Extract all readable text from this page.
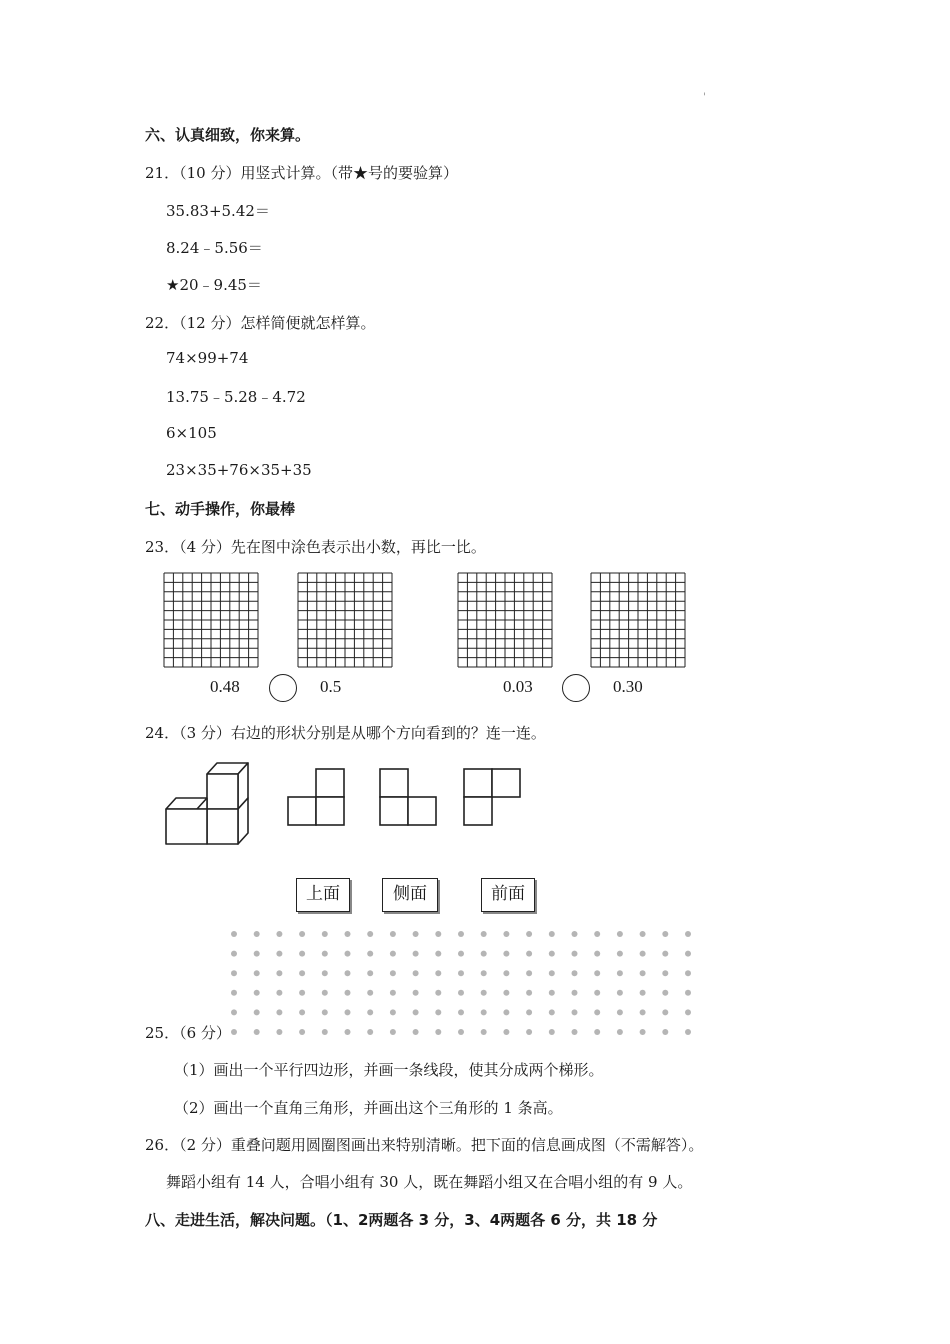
'
六、认真细致，你来算。
21．（10 分）用竖式计算。（带★号的要验算）
35.83+5.42＝
8.24﹣5.56＝
★20﹣9.45＝
22．（12 分）怎样简便就怎样算。
74×99+74
13.75﹣5.28﹣4.72
6×105
23×35+76×35+35
七、动手操作，你最棒
23．（4 分）先在图中涂色表示出小数，再比一比。
0.48	0.5	0.03	0.30
24．（3 分）右边的形状分别是从哪个方向看到的？连一连。
上面	侧面	前面
25．（6 分）
（1）画出一个平行四边形，并画一条线段，使其分成两个梯形。
（2）画出一个直角三角形，并画出这个三角形的 1 条高。
26．（2 分）重叠问题用圆圈图画出来特别清晰。把下面的信息画成图（不需解答）。
舞蹈小组有 14 人，合唱小组有 30 人，既在舞蹈小组又在合唱小组的有 9 人。
八、走进生活，解决问题。（1、2两题各 3 分，3、4两题各 6 分，共 18 分
